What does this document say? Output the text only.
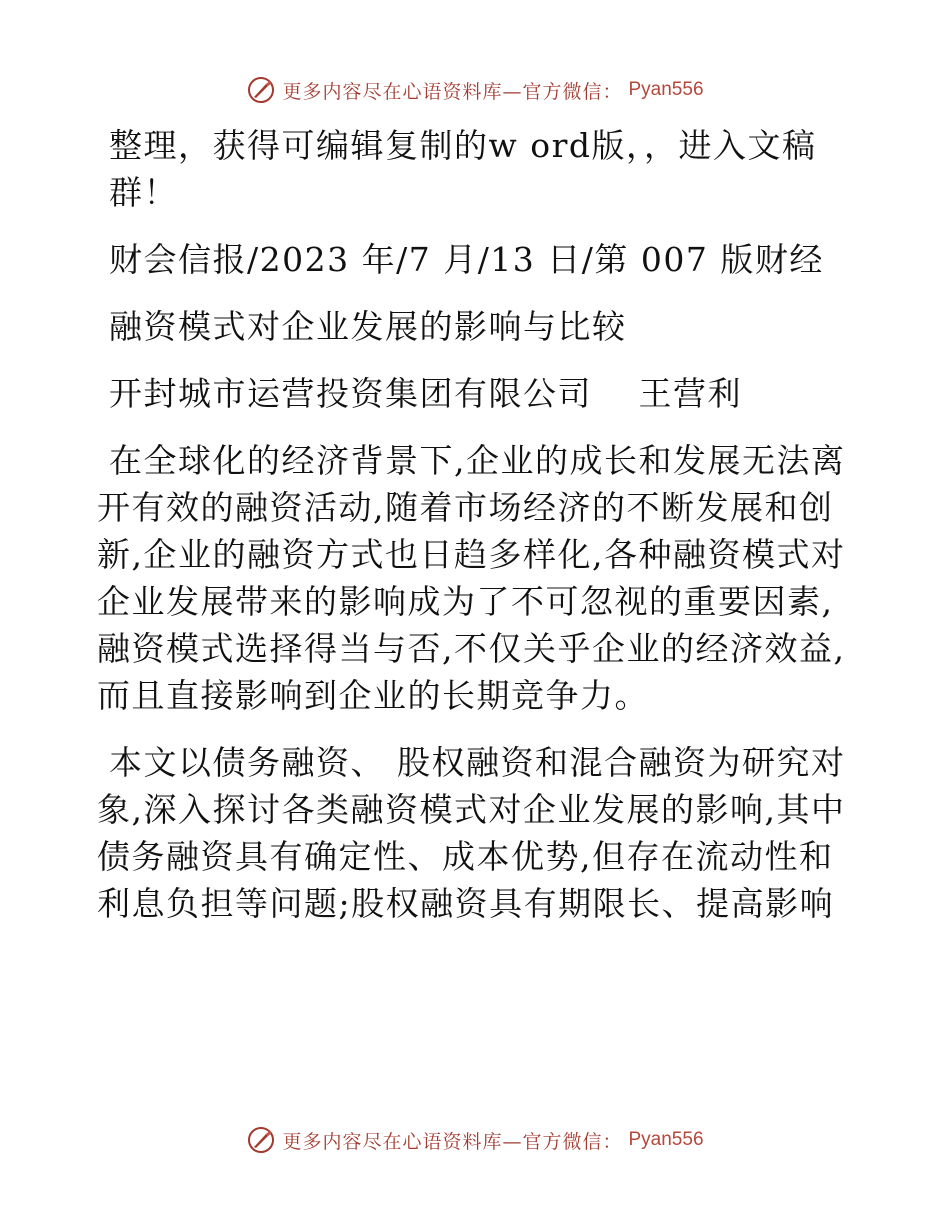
更多内容尽在心语资料库—官方微信： Pyan556

整理，获得可编辑复制的w ord版，，进入文稿
群！

财会信报/2023 年/7 月/13 日/第 007 版财经

融资模式对企业发展的影响与比较

开封城市运营投资集团有限公司　 王营利

在全球化的经济背景下,企业的成长和发展无法离
开有效的融资活动,随着市场经济的不断发展和创
新,企业的融资方式也日趋多样化,各种融资模式对
企业发展带来的影响成为了不可忽视的重要因素,
融资模式选择得当与否,不仅关乎企业的经济效益,
而且直接影响到企业的长期竞争力。

本文以债务融资、 股权融资和混合融资为研究对
象,深入探讨各类融资模式对企业发展的影响,其中
债务融资具有确定性、成本优势,但存在流动性和
利息负担等问题;股权融资具有期限长、提高影响

更多内容尽在心语资料库—官方微信： Pyan556
